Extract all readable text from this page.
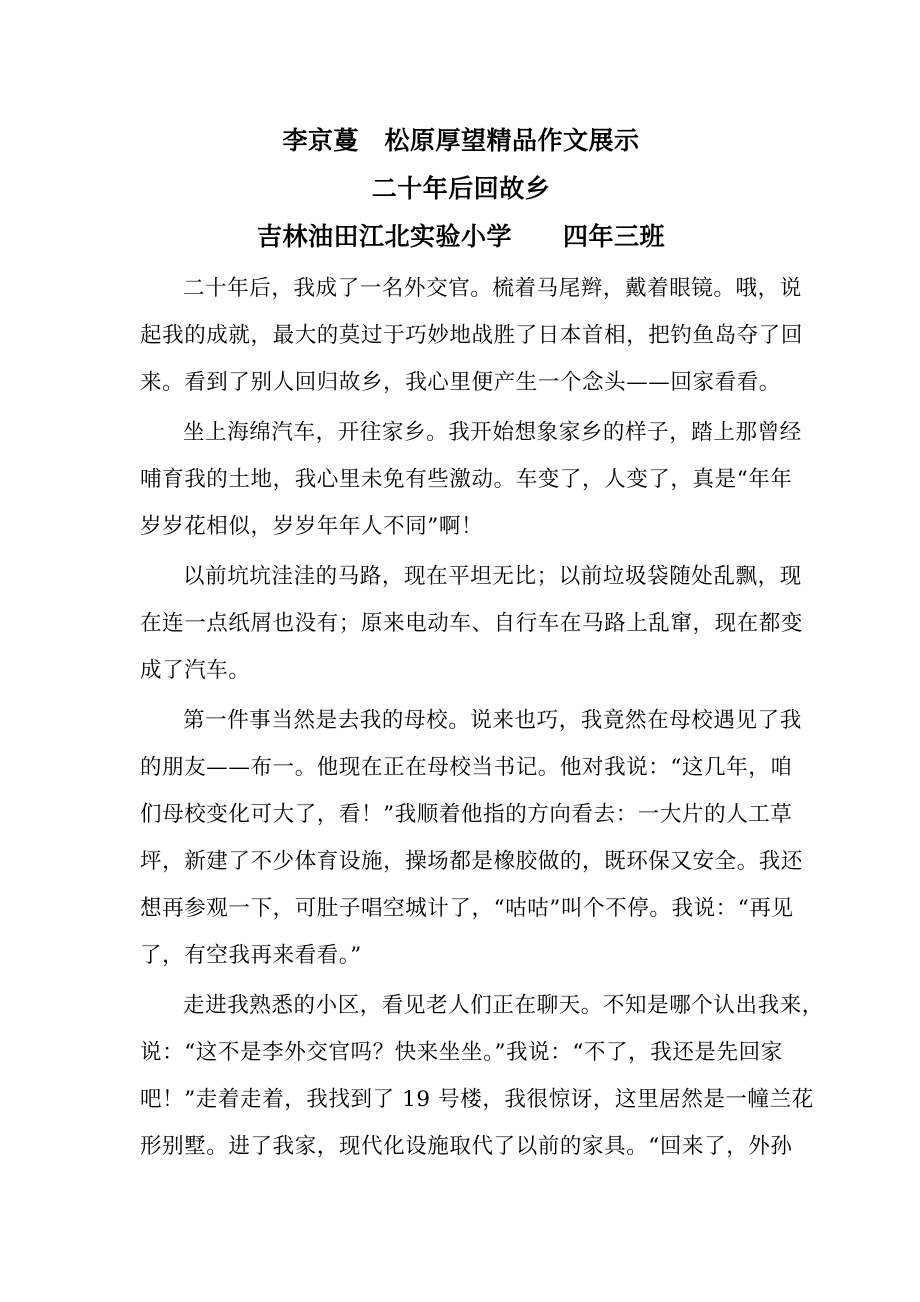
李京蔓　松原厚望精品作文展示
二十年后回故乡
吉林油田江北实验小学　　四年三班
二十年后，我成了一名外交官。梳着马尾辫，戴着眼镜。哦，说
起我的成就，最大的莫过于巧妙地战胜了日本首相，把钓鱼岛夺了回
来。看到了别人回归故乡，我心里便产生一个念头——回家看看。
坐上海绵汽车，开往家乡。我开始想象家乡的样子，踏上那曾经
哺育我的土地，我心里未免有些激动。车变了，人变了，真是“年年
岁岁花相似，岁岁年年人不同”啊！
以前坑坑洼洼的马路，现在平坦无比；以前垃圾袋随处乱飘，现
在连一点纸屑也没有；原来电动车、自行车在马路上乱窜，现在都变
成了汽车。
第一件事当然是去我的母校。说来也巧，我竟然在母校遇见了我
的朋友——布一。他现在正在母校当书记。他对我说：“这几年，咱
们母校变化可大了，看！”我顺着他指的方向看去：一大片的人工草
坪，新建了不少体育设施，操场都是橡胶做的，既环保又安全。我还
想再参观一下，可肚子唱空城计了，“咕咕”叫个不停。我说：“再见
了，有空我再来看看。”
走进我熟悉的小区，看见老人们正在聊天。不知是哪个认出我来，
说：“这不是李外交官吗？快来坐坐。”我说：“不了，我还是先回家
吧！”走着走着，我找到了 19 号楼，我很惊讶，这里居然是一幢兰花
形别墅。进了我家，现代化设施取代了以前的家具。“回来了，外孙
